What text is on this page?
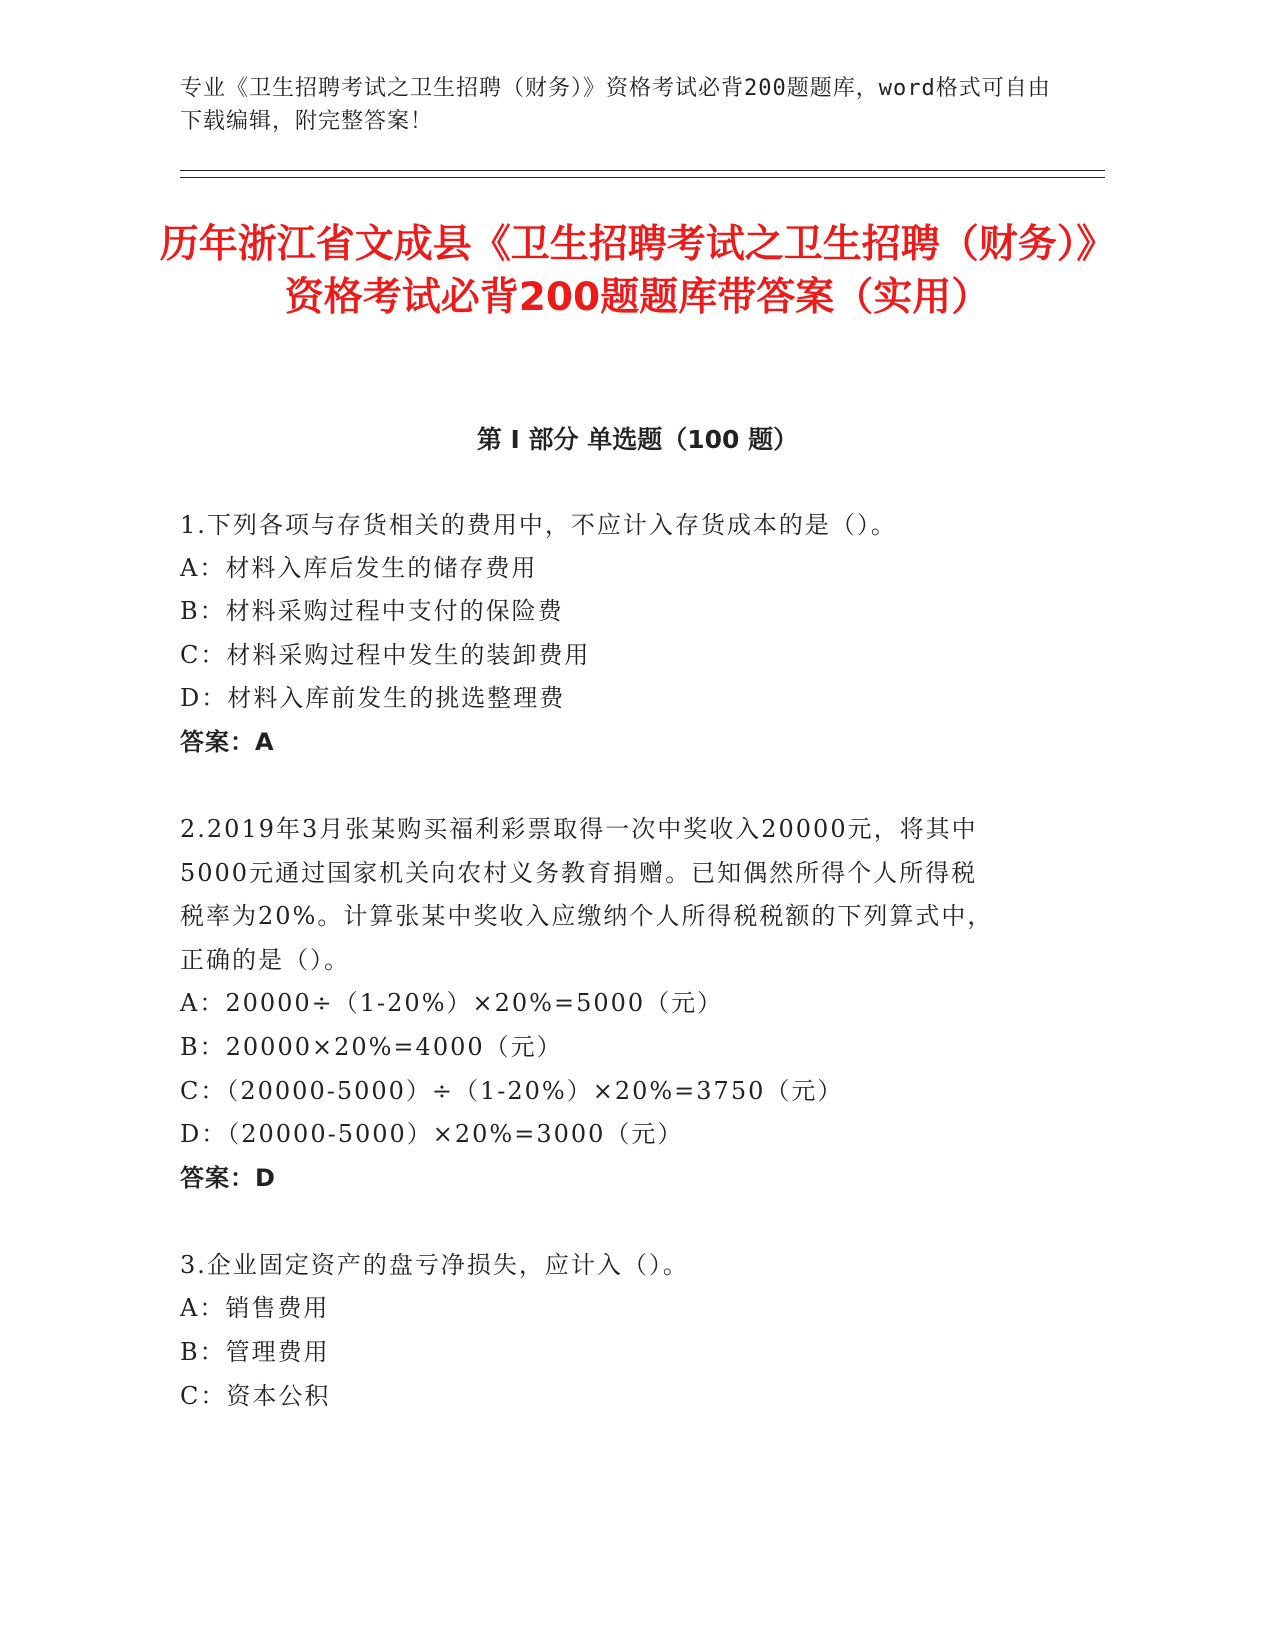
专业《卫生招聘考试之卫生招聘（财务）》资格考试必背200题题库，word格式可自由下载编辑，附完整答案！
历年浙江省文成县《卫生招聘考试之卫生招聘（财务）》资格考试必背200题题库带答案（实用）
第 I 部分 单选题（100 题）
1.下列各项与存货相关的费用中，不应计入存货成本的是（）。
A：材料入库后发生的储存费用
B：材料采购过程中支付的保险费
C：材料采购过程中发生的装卸费用
D：材料入库前发生的挑选整理费
答案：A
2.2019年3月张某购买福利彩票取得一次中奖收入20000元，将其中
5000元通过国家机关向农村义务教育捐赠。已知偶然所得个人所得税
税率为20%。计算张某中奖收入应缴纳个人所得税税额的下列算式中，
正确的是（）。
A：20000÷（1-20%）×20%=5000（元）
B：20000×20%=4000（元）
C：（20000-5000）÷（1-20%）×20%=3750（元）
D：（20000-5000）×20%=3000（元）
答案：D
3.企业固定资产的盘亏净损失，应计入（）。
A：销售费用
B：管理费用
C：资本公积
